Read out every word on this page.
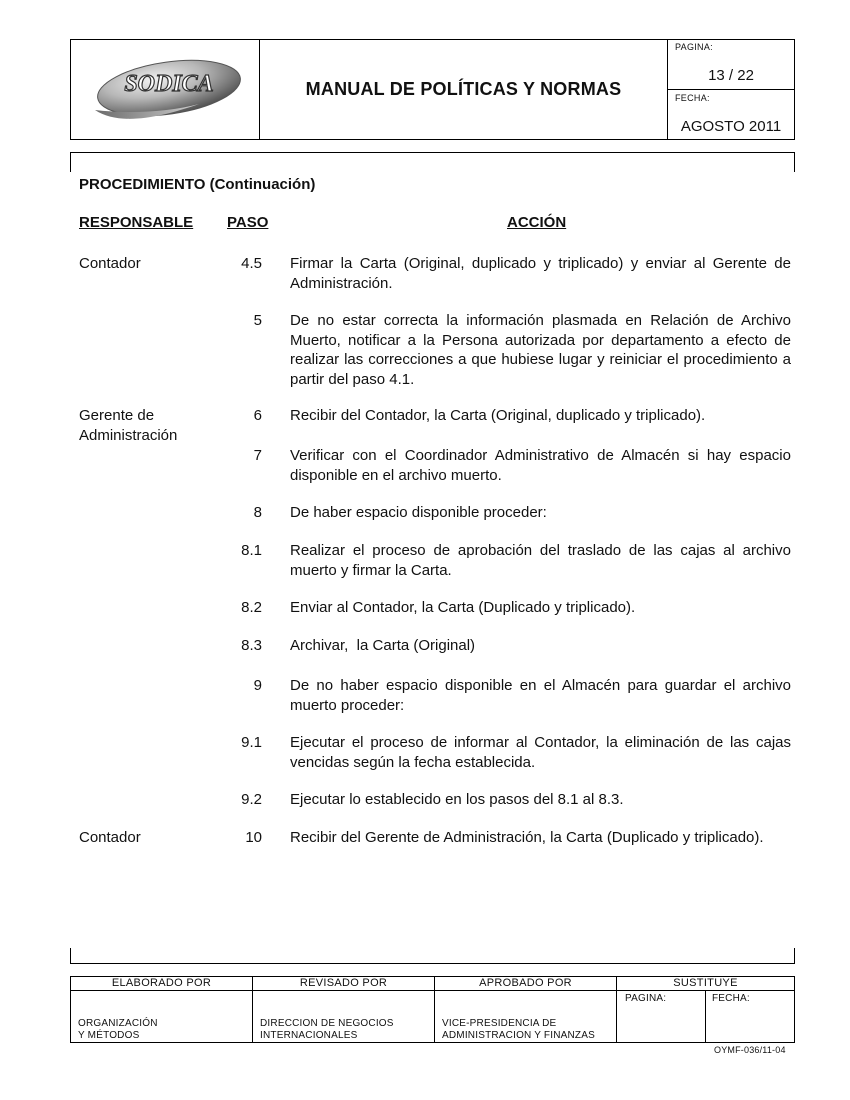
SODICA	MANUAL DE POLÍTICAS Y NORMAS
PAGINA:
13 / 22
FECHA:
AGOSTO 2011
PROCEDIMIENTO (Continuación)
RESPONSABLE PASO	ACCIÓN
Contador	4.5 Firmar la Carta (Original, duplicado y triplicado) y enviar al Gerente de Administración.
5 De no estar correcta la información plasmada en Relación de Archivo Muerto, notificar a la Persona autorizada por departamento a efecto de realizar las correcciones a que hubiese lugar y reiniciar el procedimiento a partir del paso 4.1.
Gerente de Administración
6 Recibir del Contador, la Carta (Original, duplicado y triplicado).
7 Verificar con el Coordinador Administrativo de Almacén si hay espacio disponible en el archivo muerto.
8 De haber espacio disponible proceder:
8.1 Realizar el proceso de aprobación del traslado de las cajas al archivo muerto y firmar la Carta.
8.2 Enviar al Contador, la Carta (Duplicado y triplicado).
8.3 Archivar,  la Carta (Original)
9 De no haber espacio disponible en el Almacén para guardar el archivo muerto proceder:
9.1 Ejecutar el proceso de informar al Contador, la eliminación de las cajas vencidas según la fecha establecida.
9.2 Ejecutar lo establecido en los pasos del 8.1 al 8.3.
Contador	10 Recibir del Gerente de Administración, la Carta (Duplicado y triplicado).
ELABORADO POR
ORGANIZACIÓN
Y MÉTODOS
REVISADO POR
DIRECCION DE NEGOCIOS
INTERNACIONALES
APROBADO POR
VICE-PRESIDENCIA DE
ADMINISTRACION Y FINANZAS
SUSTITUYE
PAGINA:	FECHA:
OYMF-036/11-04
